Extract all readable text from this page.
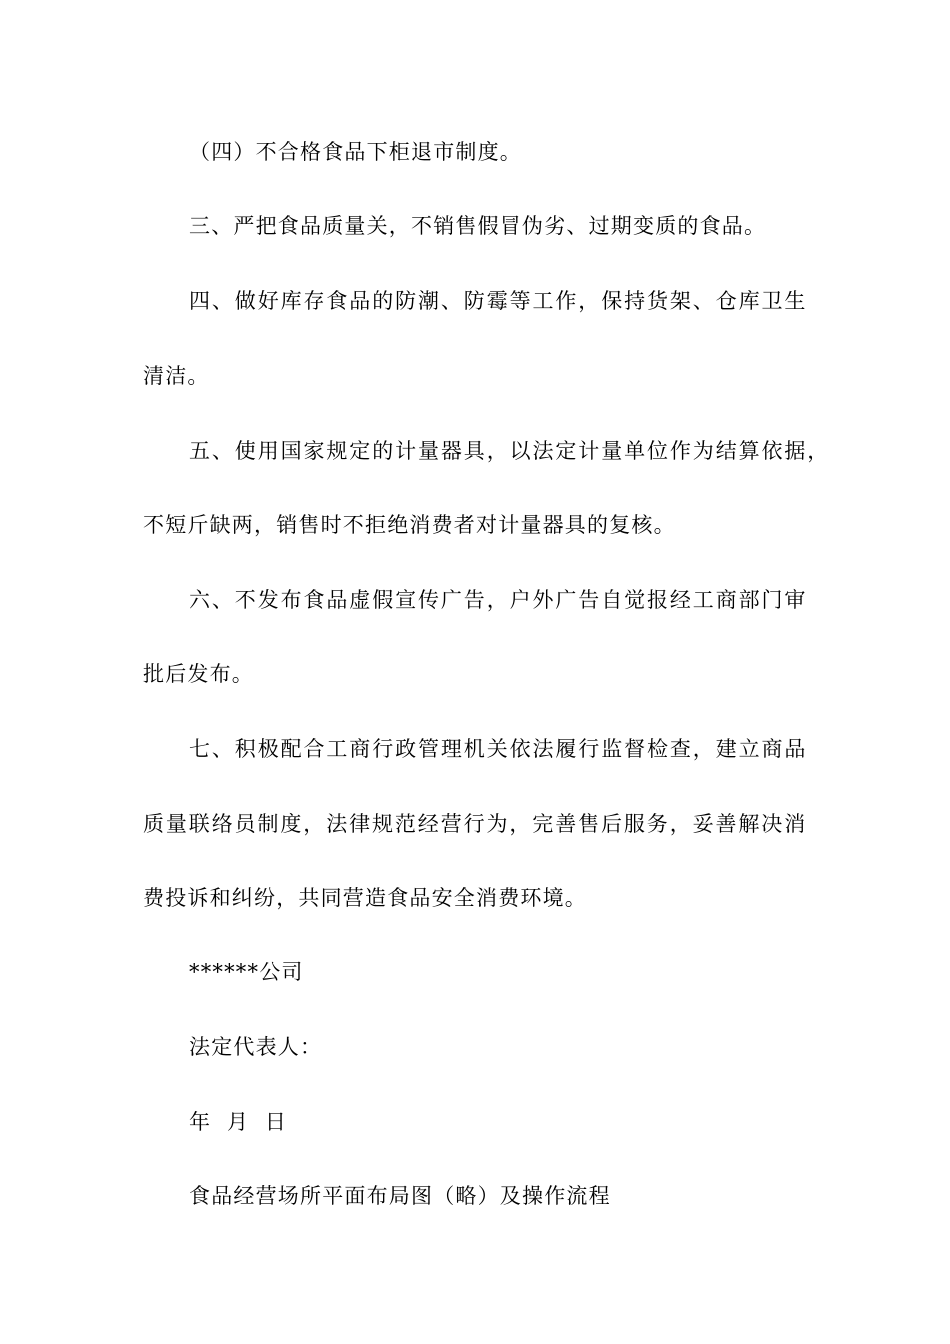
（四）不合格食品下柜退市制度。
三、严把食品质量关，不销售假冒伪劣、过期变质的食品。
四、做好库存食品的防潮、防霉等工作，保持货架、仓库卫生
清洁。
五、使用国家规定的计量器具，以法定计量单位作为结算依据，
不短斤缺两，销售时不拒绝消费者对计量器具的复核。
六、不发布食品虚假宣传广告，户外广告自觉报经工商部门审
批后发布。
七、积极配合工商行政管理机关依法履行监督检查，建立商品
质量联络员制度，法律规范经营行为，完善售后服务，妥善解决消
费投诉和纠纷，共同营造食品安全消费环境。
******公司
法定代表人：
年  月  日
食品经营场所平面布局图（略）及操作流程
